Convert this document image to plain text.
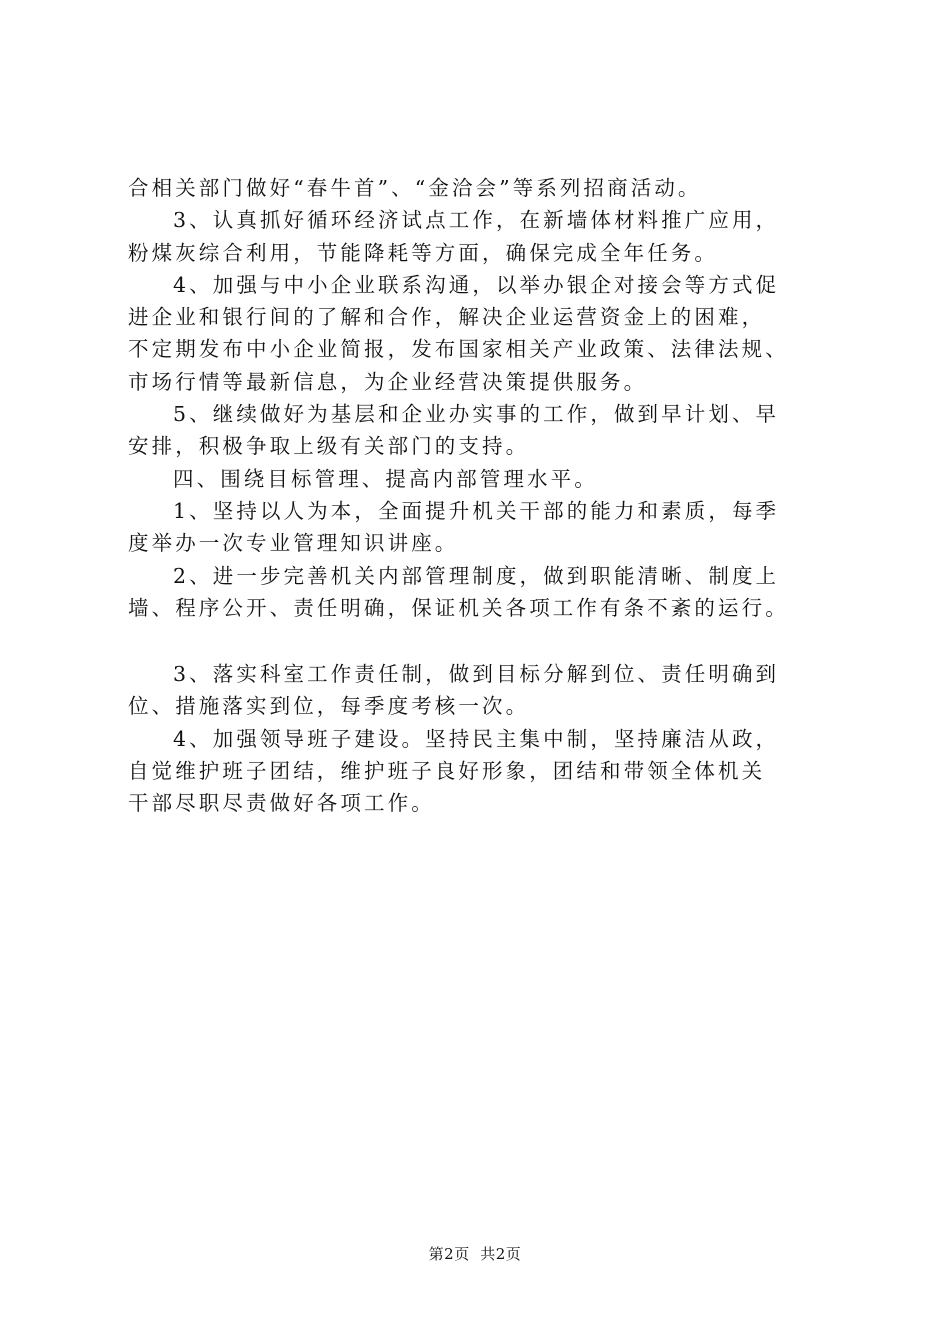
合相关部门做好“春牛首”、“金洽会”等系列招商活动。

3、认真抓好循环经济试点工作，在新墙体材料推广应用，
粉煤灰综合利用，节能降耗等方面，确保完成全年任务。

4、加强与中小企业联系沟通，以举办银企对接会等方式促
进企业和银行间的了解和合作，解决企业运营资金上的困难，
不定期发布中小企业简报，发布国家相关产业政策、法律法规、
市场行情等最新信息，为企业经营决策提供服务。

5、继续做好为基层和企业办实事的工作，做到早计划、早
安排，积极争取上级有关部门的支持。

四、围绕目标管理、提高内部管理水平。

1、坚持以人为本，全面提升机关干部的能力和素质，每季
度举办一次专业管理知识讲座。

2、进一步完善机关内部管理制度，做到职能清晰、制度上
墙、程序公开、责任明确，保证机关各项工作有条不紊的运行。

3、落实科室工作责任制，做到目标分解到位、责任明确到
位、措施落实到位，每季度考核一次。

4、加强领导班子建设。坚持民主集中制，坚持廉洁从政，
自觉维护班子团结，维护班子良好形象，团结和带领全体机关
干部尽职尽责做好各项工作。

第2页 共2页
